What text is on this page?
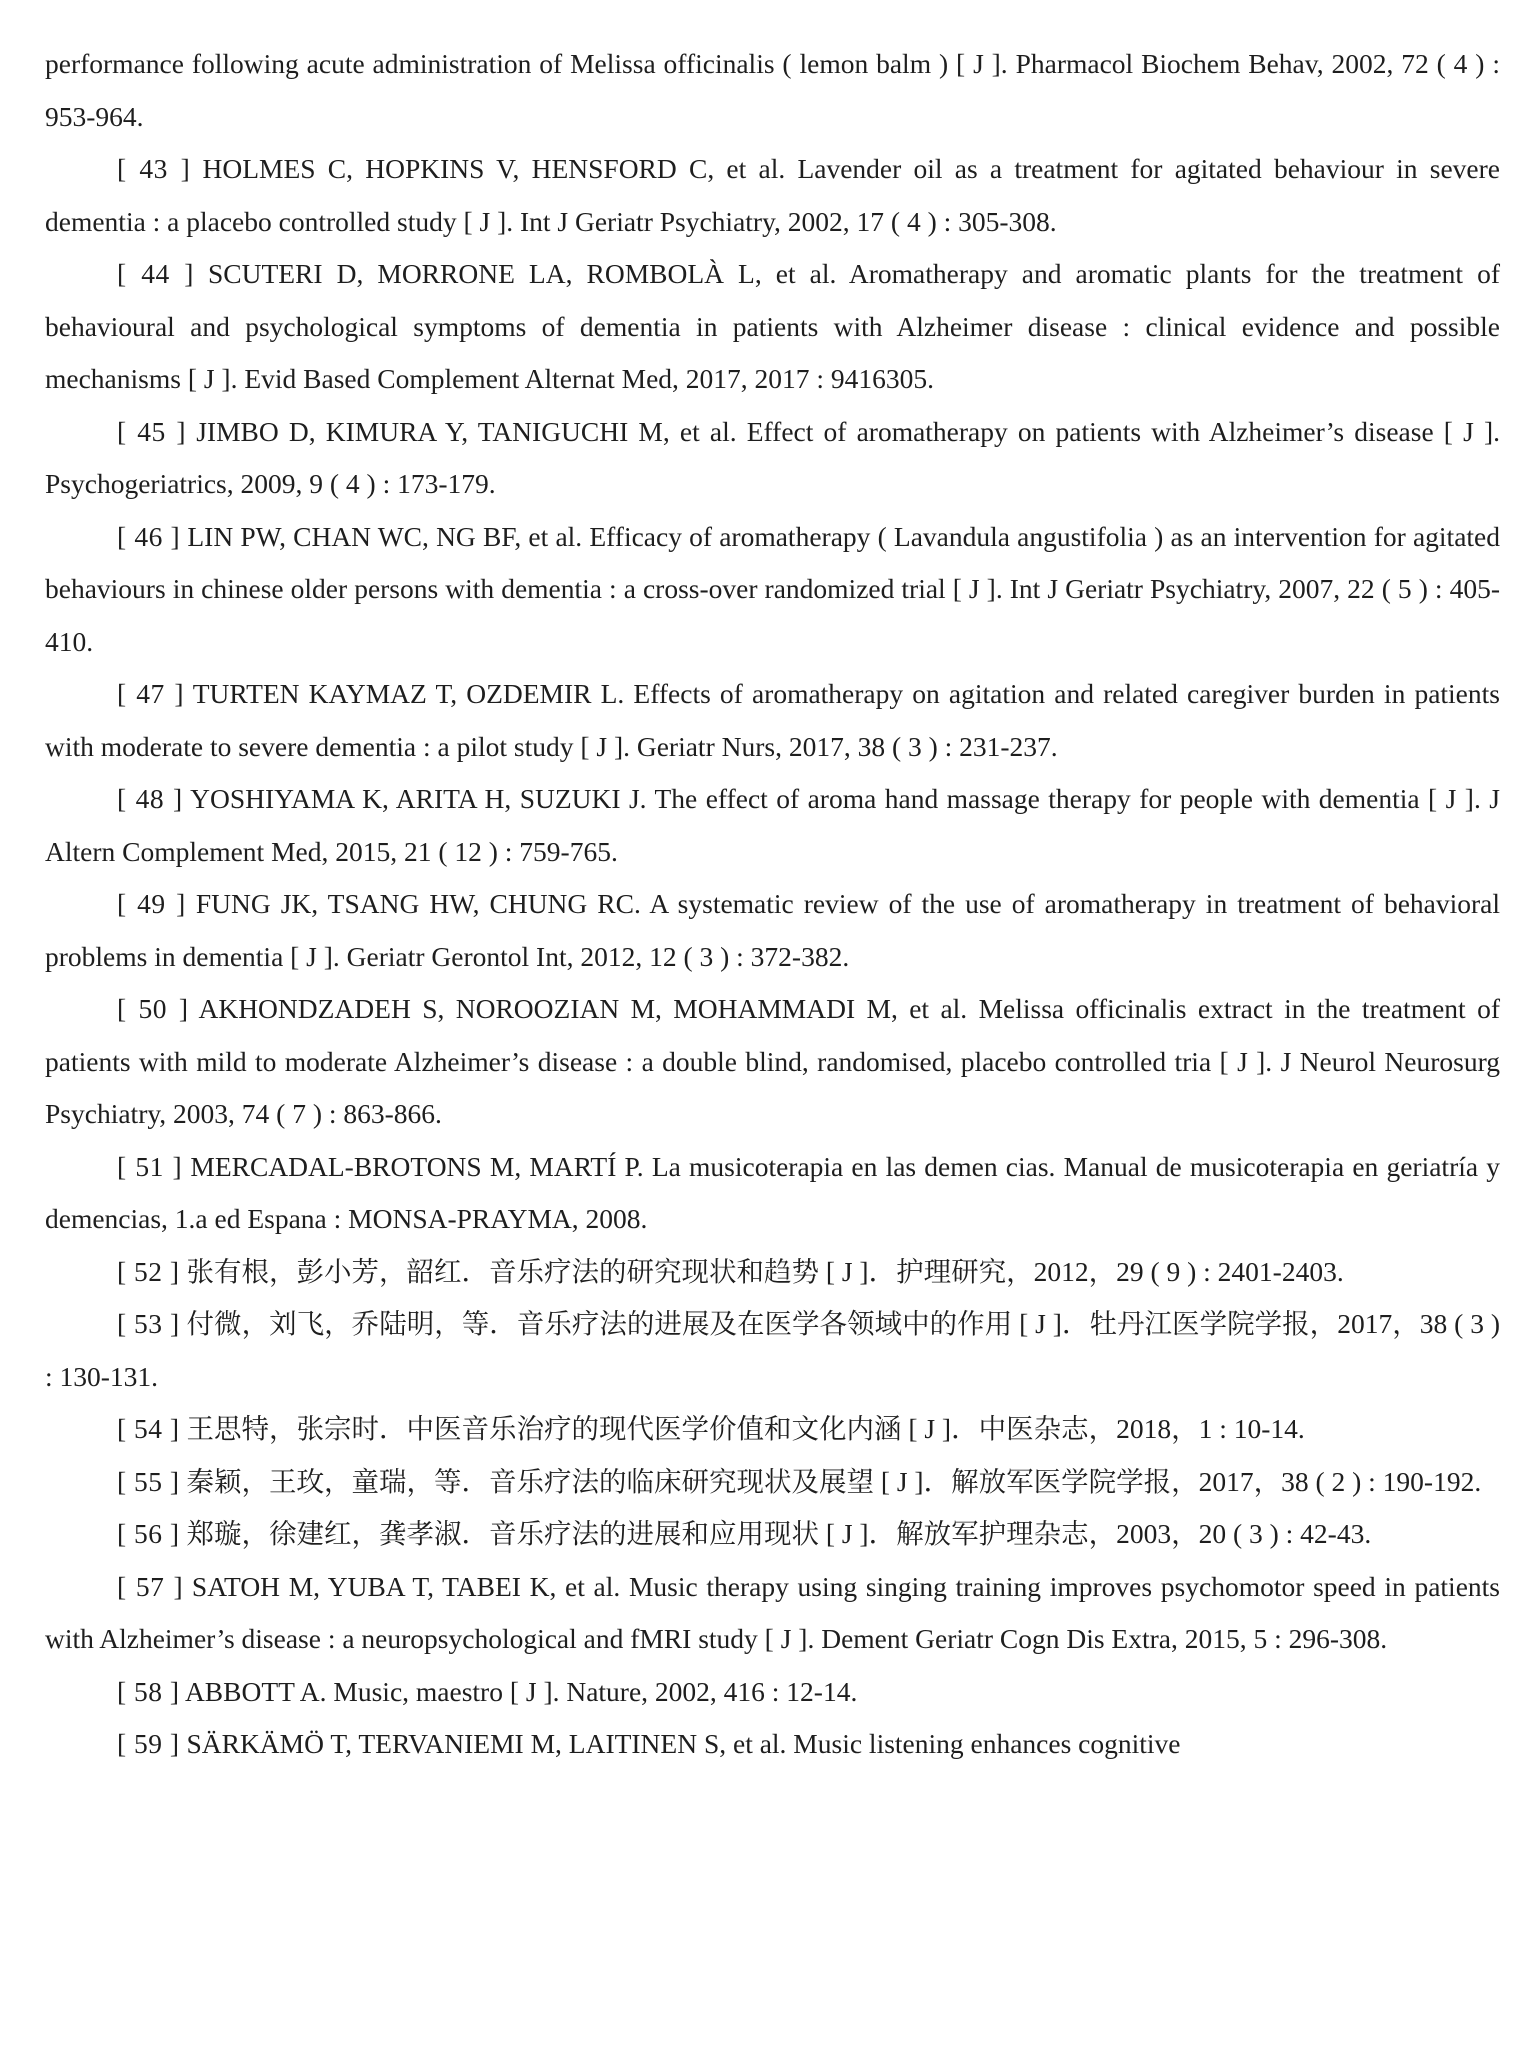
performance following acute administration of Melissa officinalis ( lemon balm ) [ J ]. Pharmacol Biochem Behav, 2002, 72 ( 4 ) : 953-964.

[ 43 ] HOLMES C, HOPKINS V, HENSFORD C, et al. Lavender oil as a treatment for agitated behaviour in severe dementia : a placebo controlled study [ J ]. Int J Geriatr Psychiatry, 2002, 17 ( 4 ) : 305-308.

[ 44 ] SCUTERI D, MORRONE LA, ROMBOLÀ L, et al. Aromatherapy and aromatic plants for the treatment of behavioural and psychological symptoms of dementia in patients with Alzheimer disease : clinical evidence and possible mechanisms [ J ]. Evid Based Complement Alternat Med, 2017, 2017 : 9416305.

[ 45 ] JIMBO D, KIMURA Y, TANIGUCHI M, et al. Effect of aromatherapy on patients with Alzheimer’s disease [ J ]. Psychogeriatrics, 2009, 9 ( 4 ) : 173-179.

[ 46 ] LIN PW, CHAN WC, NG BF, et al. Efficacy of aromatherapy ( Lavandula angustifolia ) as an intervention for agitated behaviours in chinese older persons with dementia : a cross-over randomized trial [ J ]. Int J Geriatr Psychiatry, 2007, 22 ( 5 ) : 405-410.

[ 47 ] TURTEN KAYMAZ T, OZDEMIR L. Effects of aromatherapy on agitation and related caregiver burden in patients with moderate to severe dementia : a pilot study [ J ]. Geriatr Nurs, 2017, 38 ( 3 ) : 231-237.

[ 48 ] YOSHIYAMA K, ARITA H, SUZUKI J. The effect of aroma hand massage therapy for people with dementia [ J ]. J Altern Complement Med, 2015, 21 ( 12 ) : 759-765.

[ 49 ] FUNG JK, TSANG HW, CHUNG RC. A systematic review of the use of aromatherapy in treatment of behavioral problems in dementia [ J ]. Geriatr Gerontol Int, 2012, 12 ( 3 ) : 372-382.

[ 50 ] AKHONDZADEH S, NOROOZIAN M, MOHAMMADI M, et al. Melissa officinalis extract in the treatment of patients with mild to moderate Alzheimer’s disease : a double blind, randomised, placebo controlled tria [ J ]. J Neurol Neurosurg Psychiatry, 2003, 74 ( 7 ) : 863-866.

[ 51 ] MERCADAL-BROTONS M, MARTÍ P. La musicoterapia en las demen cias. Manual de musicoterapia en geriatría y demencias, 1.a ed Espana : MONSA-PRAYMA, 2008.

[ 52 ] 张有根，彭小芳，韶红．音乐疗法的研究现状和趋势 [ J ]．护理研究，2012，29 ( 9 ) : 2401-2403.

[ 53 ] 付微，刘飞，乔陆明，等．音乐疗法的进展及在医学各领域中的作用 [ J ]．牡丹江医学院学报，2017，38 ( 3 ) : 130-131.

[ 54 ] 王思特，张宗时．中医音乐治疗的现代医学价值和文化内涵 [ J ]．中医杂志，2018，1 : 10-14.

[ 55 ] 秦颖，王玫，童瑞，等．音乐疗法的临床研究现状及展望 [ J ]．解放军医学院学报，2017，38 ( 2 ) : 190-192.

[ 56 ] 郑璇，徐建红，龚孝淑．音乐疗法的进展和应用现状 [ J ]．解放军护理杂志，2003，20 ( 3 ) : 42-43.

[ 57 ] SATOH M, YUBA T, TABEI K, et al. Music therapy using singing training improves psychomotor speed in patients with Alzheimer’s disease : a neuropsychological and fMRI study [ J ]. Dement Geriatr Cogn Dis Extra, 2015, 5 : 296-308.

[ 58 ] ABBOTT A. Music, maestro [ J ]. Nature, 2002, 416 : 12-14.

[ 59 ] SÄRKÄMÖ T, TERVANIEMI M, LAITINEN S, et al. Music listening enhances cognitive
